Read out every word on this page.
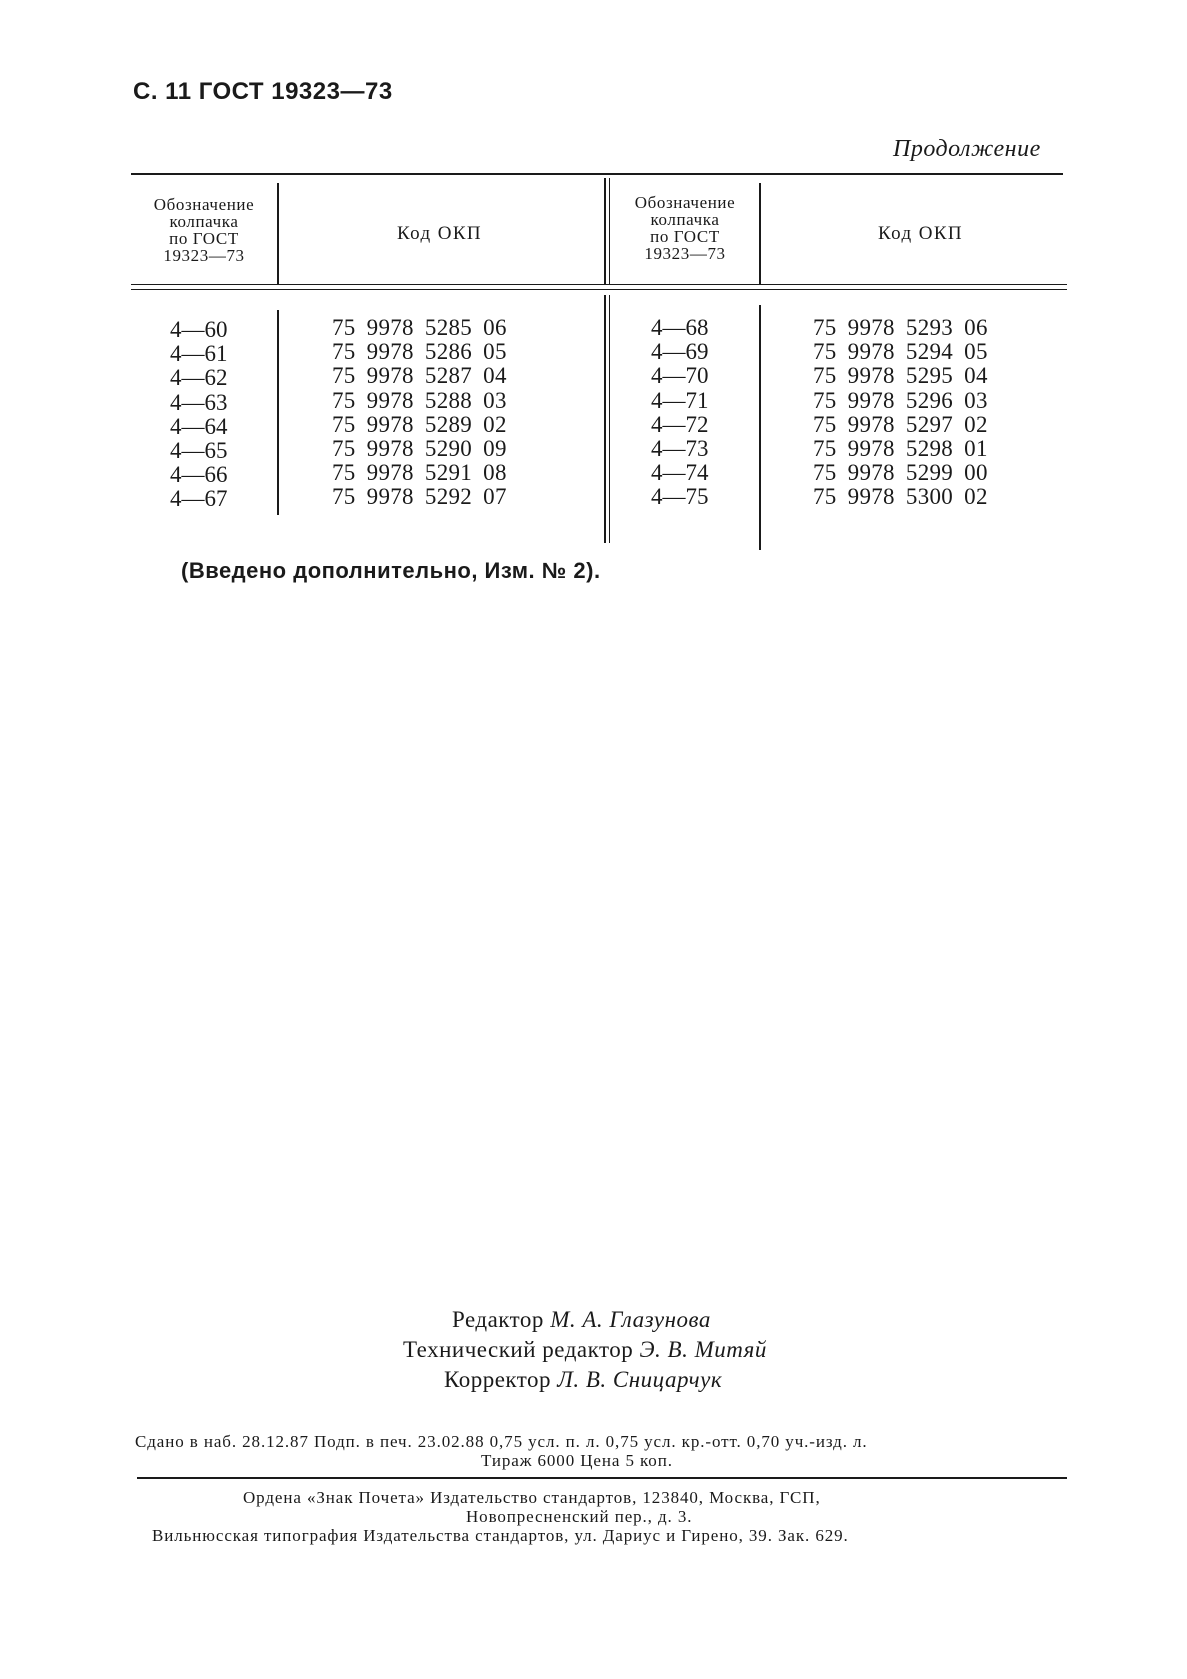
С. 11 ГОСТ 19323—73
Продолжение
Обозначение
колпачка
по ГОСТ
19323—73
Код ОКП
Обозначение
колпачка
по ГОСТ
19323—73
Код ОКП
4—60
4—61
4—62
4—63
4—64
4—65
4—66
4—67
75 9978 5285 06
75 9978 5286 05
75 9978 5287 04
75 9978 5288 03
75 9978 5289 02
75 9978 5290 09
75 9978 5291 08
75 9978 5292 07
4—68
4—69
4—70
4—71
4—72
4—73
4—74
4—75
75 9978 5293 06
75 9978 5294 05
75 9978 5295 04
75 9978 5296 03
75 9978 5297 02
75 9978 5298 01
75 9978 5299 00
75 9978 5300 02
(Введено дополнительно, Изм. № 2).
Редактор М. А. Глазунова
Технический редактор Э. В. Митяй
Корректор Л. В. Сницарчук
Сдано в наб. 28.12.87 Подп. в печ. 23.02.88 0,75 усл. п. л. 0,75 усл. кр.-отт. 0,70 уч.-изд. л.
Тираж 6000 Цена 5 коп.
Ордена «Знак Почета» Издательство стандартов, 123840, Москва, ГСП,
Новопресненский пер., д. 3.
Вильнюсская типография Издательства стандартов, ул. Дариус и Гирено, 39. Зак. 629.
